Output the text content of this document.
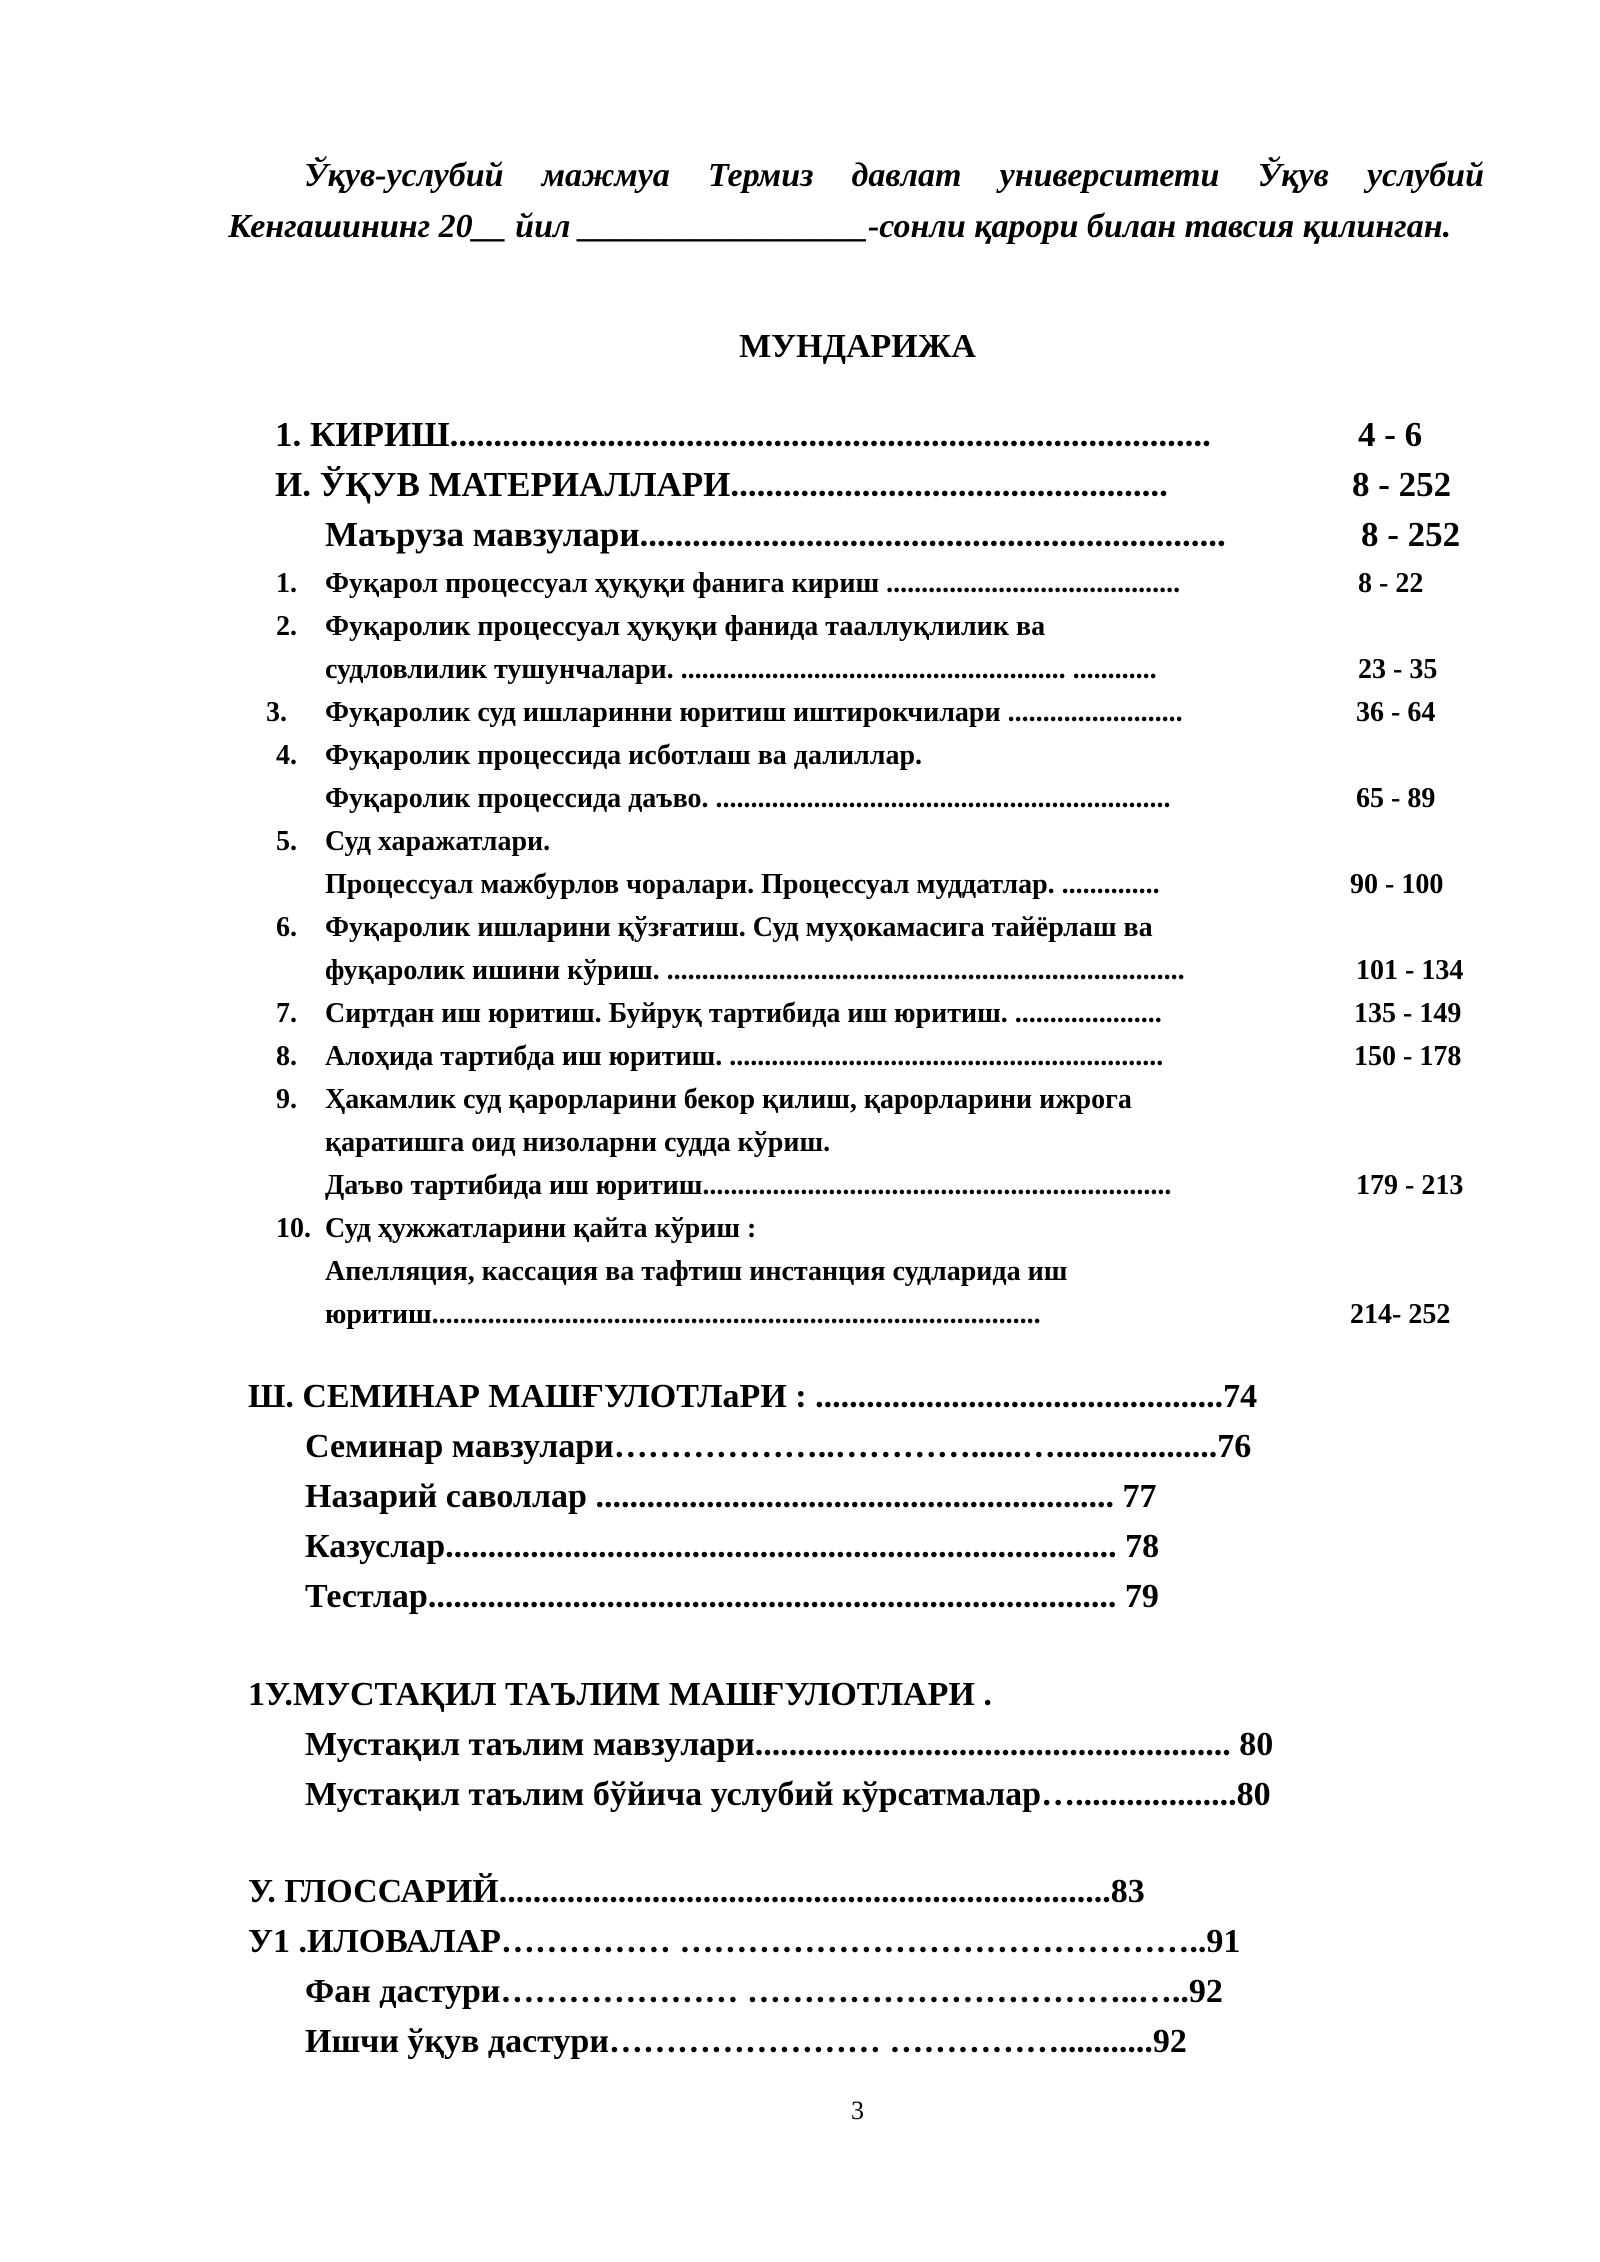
Ўқув-услубий мажмуа Термиз давлат университети Ўқув услубий Кенгашининг 20__ йил _________________-сонли қарори билан тавсия қилинган.

МУНДАРИЖА
1. КИРИШ.......................................................................................	4 - 6
И. ЎҚУВ МАТЕРИАЛЛАРИ..................................................	8 - 252
Маъруза мавзулари...................................................................	8 - 252
1. Фуқарол процессуал ҳуқуқи фанига кириш ..........................................	8 - 22
2. Фуқаролик процессуал ҳуқуқи фанида тааллуқлилик ва
судловлилик тушунчалари. ....................................................... ............	23 - 35
3. Фуқаролик суд ишларинни юритиш иштирокчилари .........................	36 - 64
4. Фуқаролик процессида исботлаш ва далиллар.
Фуқаролик процессида даъво. .................................................................	65 - 89
5. Суд харажатлари.
Процессуал мажбурлов чоралари. Процессуал муддатлар. ..............	90 - 100
6. Фуқаролик ишларини қўзғатиш. Суд муҳокамасига тайёрлаш ва
фуқаролик ишини кўриш. ..........................................................................	101 - 134
7. Сиртдан иш юритиш. Буйруқ тартибида иш юритиш. .....................	135 - 149
8. Алоҳида тартибда иш юритиш. ..............................................................	150 - 178
9. Ҳакамлик суд қарорларини бекор қилиш, қарорларини ижрога
қаратишга оид низоларни судда кўриш.
Даъво тартибида иш юритиш...................................................................	179 - 213
10. Суд ҳужжатларини қайта кўриш :
Апелляция, кассация ва тафтиш инстанция судларида иш
юритиш.......................................................................................	214- 252
Ш. СЕМИНАР МАШҒУЛОТЛаРИ : ................................................74
Семинар мавзулари………………..…………......…...................76
Назарий саволлар ............................................................. 77
Казуслар............................................................................... 78
Тестлар................................................................................. 79
1У.МУСТАҚИЛ ТАЪЛИМ МАШҒУЛОТЛАРИ .
Мустақил таълим мавзулари........................................................ 80
Мустақил таълим бўйича услубий кўрсатмалар…...................80
У. ГЛОССАРИЙ........................................................................83
У1 .ИЛОВАЛАР…………… ………………………………………..91
Фан дастури………………… ……………………………..…..92
Ишчи ўқув дастури…………………… ……………...........92
3
